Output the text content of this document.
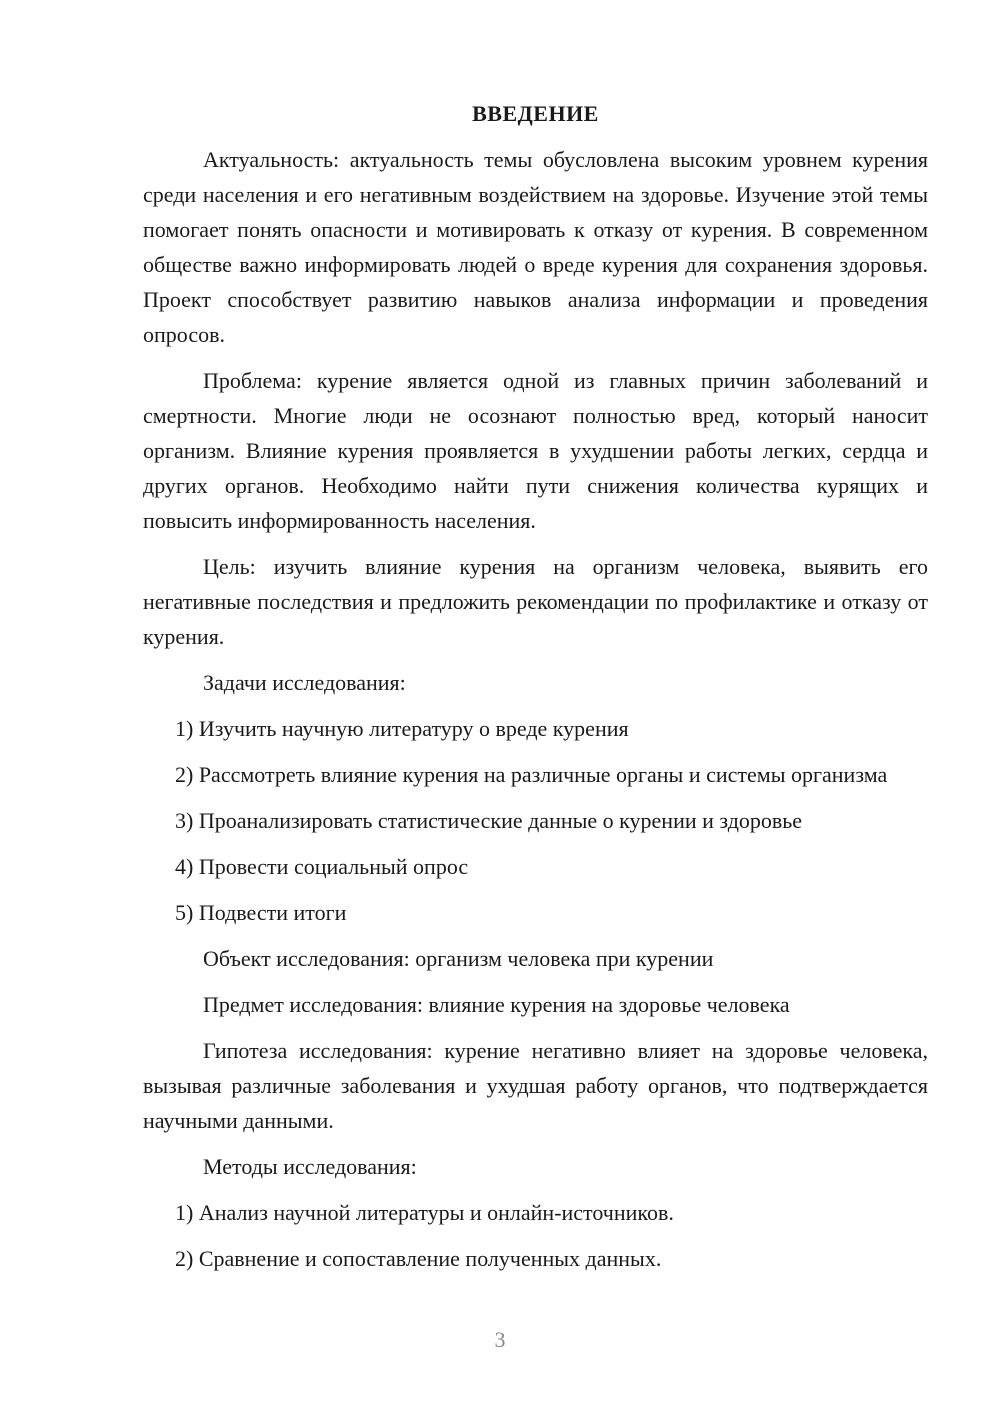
ВВЕДЕНИЕ

Актуальность: актуальность темы обусловлена высоким уровнем курения среди населения и его негативным воздействием на здоровье. Изучение этой темы помогает понять опасности и мотивировать к отказу от курения. В современном обществе важно информировать людей о вреде курения для сохранения здоровья. Проект способствует развитию навыков анализа информации и проведения опросов.

Проблема: курение является одной из главных причин заболеваний и смертности. Многие люди не осознают полностью вред, который наносит организм. Влияние курения проявляется в ухудшении работы легких, сердца и других органов. Необходимо найти пути снижения количества курящих и повысить информированность населения.

Цель: изучить влияние курения на организм человека, выявить его негативные последствия и предложить рекомендации по профилактике и отказу от курения.

Задачи исследования:

1) Изучить научную литературу о вреде курения

2) Рассмотреть влияние курения на различные органы и системы организма

3) Проанализировать статистические данные о курении и здоровье

4) Провести социальный опрос

5) Подвести итоги

Объект исследования: организм человека при курении

Предмет исследования: влияние курения на здоровье человека

Гипотеза исследования: курение негативно влияет на здоровье человека, вызывая различные заболевания и ухудшая работу органов, что подтверждается научными данными.

Методы исследования:

1) Анализ научной литературы и онлайн-источников.

2) Сравнение и сопоставление полученных данных.

3
